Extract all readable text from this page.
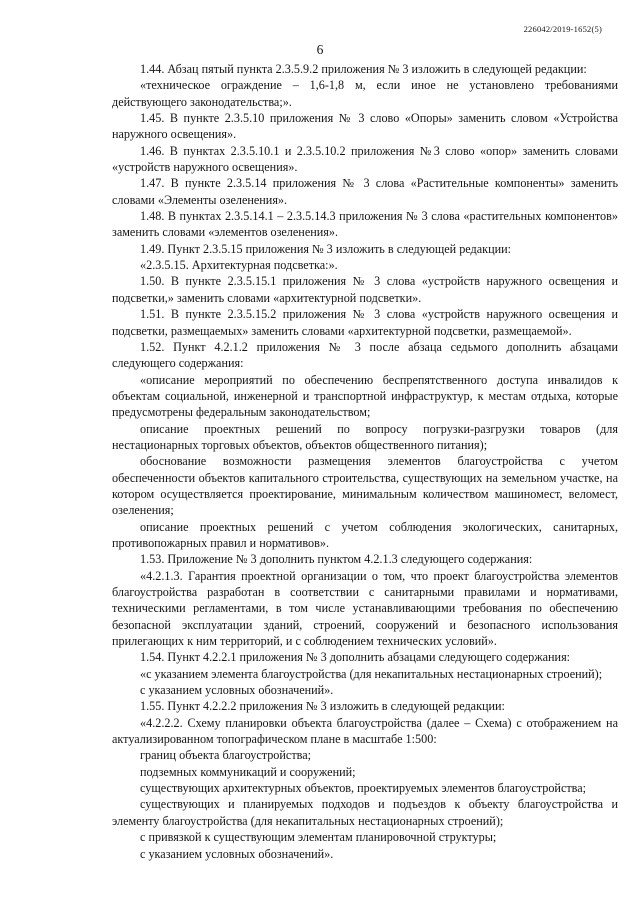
226042/2019-1652(5)
6

1.44. Абзац пятый пункта 2.3.5.9.2 приложения № 3 изложить в следующей редакции:

«техническое ограждение – 1,6-1,8 м, если иное не установлено требованиями действующего законодательства;».

1.45. В пункте 2.3.5.10 приложения № 3 слово «Опоры» заменить словом «Устройства наружного освещения».

1.46. В пунктах 2.3.5.10.1 и 2.3.5.10.2 приложения №3 слово «опор» заменить словами «устройств наружного освещения».

1.47. В пункте 2.3.5.14 приложения № 3 слова «Растительные компоненты» заменить словами «Элементы озеленения».

1.48. В пунктах 2.3.5.14.1 – 2.3.5.14.3 приложения № 3 слова «растительных компонентов» заменить словами «элементов озеленения».

1.49. Пункт 2.3.5.15 приложения № 3 изложить в следующей редакции:

«2.3.5.15. Архитектурная подсветка:».

1.50. В пункте 2.3.5.15.1 приложения № 3 слова «устройств наружного освещения и подсветки,» заменить словами «архитектурной подсветки».

1.51. В пункте 2.3.5.15.2 приложения № 3 слова «устройств наружного освещения и подсветки, размещаемых» заменить словами «архитектурной подсветки, размещаемой».

1.52. Пункт 4.2.1.2 приложения № 3 после абзаца седьмого дополнить абзацами следующего содержания:

«описание мероприятий по обеспечению беспрепятственного доступа инвалидов к объектам социальной, инженерной и транспортной инфраструктур, к местам отдыха, которые предусмотрены федеральным законодательством;

описание проектных решений по вопросу погрузки-разгрузки товаров (для нестационарных торговых объектов, объектов общественного питания);

обоснование возможности размещения элементов благоустройства с учетом обеспеченности объектов капитального строительства, существующих на земельном участке, на котором осуществляется проектирование, минимальным количеством машиномест, веломест, озеленения;

описание проектных решений с учетом соблюдения экологических, санитарных, противопожарных правил и нормативов».

1.53. Приложение № 3 дополнить пунктом 4.2.1.3 следующего содержания:

«4.2.1.3. Гарантия проектной организации о том, что проект благоустройства элементов благоустройства разработан в соответствии с санитарными правилами и нормативами, техническими регламентами, в том числе устанавливающими требования по обеспечению безопасной эксплуатации зданий, строений, сооружений и безопасного использования прилегающих к ним территорий, и с соблюдением технических условий».

1.54. Пункт 4.2.2.1 приложения № 3 дополнить абзацами следующего содержания:

«с указанием элемента благоустройства (для некапитальных нестационарных строений);

с указанием условных обозначений».

1.55. Пункт 4.2.2.2 приложения № 3 изложить в следующей редакции:

«4.2.2.2. Схему планировки объекта благоустройства (далее – Схема) с отображением на актуализированном топографическом плане в масштабе 1:500:

границ объекта благоустройства;

подземных коммуникаций и сооружений;

существующих архитектурных объектов, проектируемых элементов благоустройства;

существующих и планируемых подходов и подъездов к объекту благоустройства и элементу благоустройства (для некапитальных нестационарных строений);

с привязкой к существующим элементам планировочной структуры;

с указанием условных обозначений».
